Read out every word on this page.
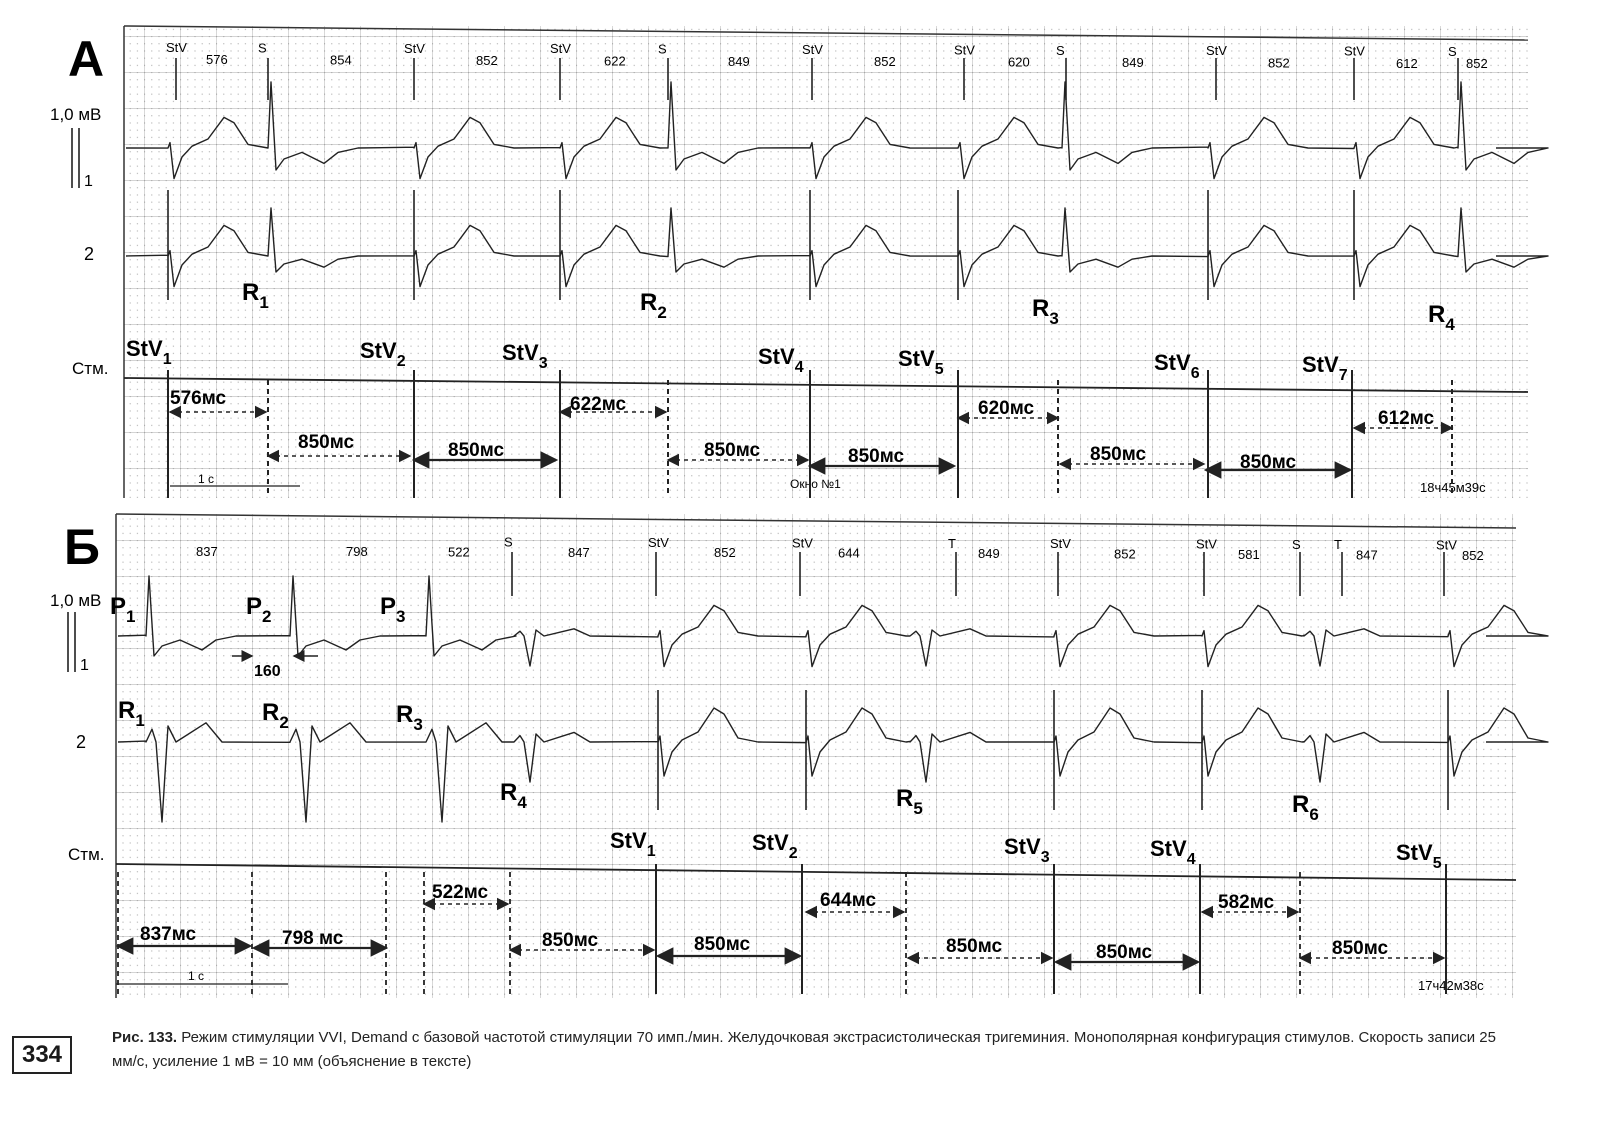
А
1,0 мВ
1
2
Стм.
18ч45м39с
Окно №1
1 с
StV
576
S
854
StV
852
StV
622
S
849
StV
852
StV
620
S
849
StV
852
StV
612
S
852
$R_1$	$R_2$	$R_3$	$R_4$
StV$_1$	StV$_2$	StV$_3$	StV$_4$	StV$_5$	StV$_6$	StV$_7$
576мс
850мс	850мс
622мс
850мс	850мс
620мс
850мс	850мс
612мс
Б
1,0 мВ
1
2
Стм.
17ч42м38с
1 с
837	798	522
S
847
StV
852
StV
644
T
849
StV
852
StV
581
S	T
847
StV
852
$P_1$	$P_2$	$P_3$
$R_1$	$R_2$	$R_3$
$R_4$	$R_5$	$R_6$
StV$_1$	StV$_2$	StV$_3$	StV$_4$	StV$_5$
837мс	798 мс
522мс
850мс	850мс
644мс
850мс	850мс
582мс
850мс
160
334
Рис. 133. Режим стимуляции VVI, Demand с базовой частотой стимуляции 70 имп./мин. Желудочковая экстрасистолическая тригеминия. Монополярная конфигурация стимулов. Скорость записи 25 мм/с, усиление 1 мВ = 10 мм (объяснение в тексте)
